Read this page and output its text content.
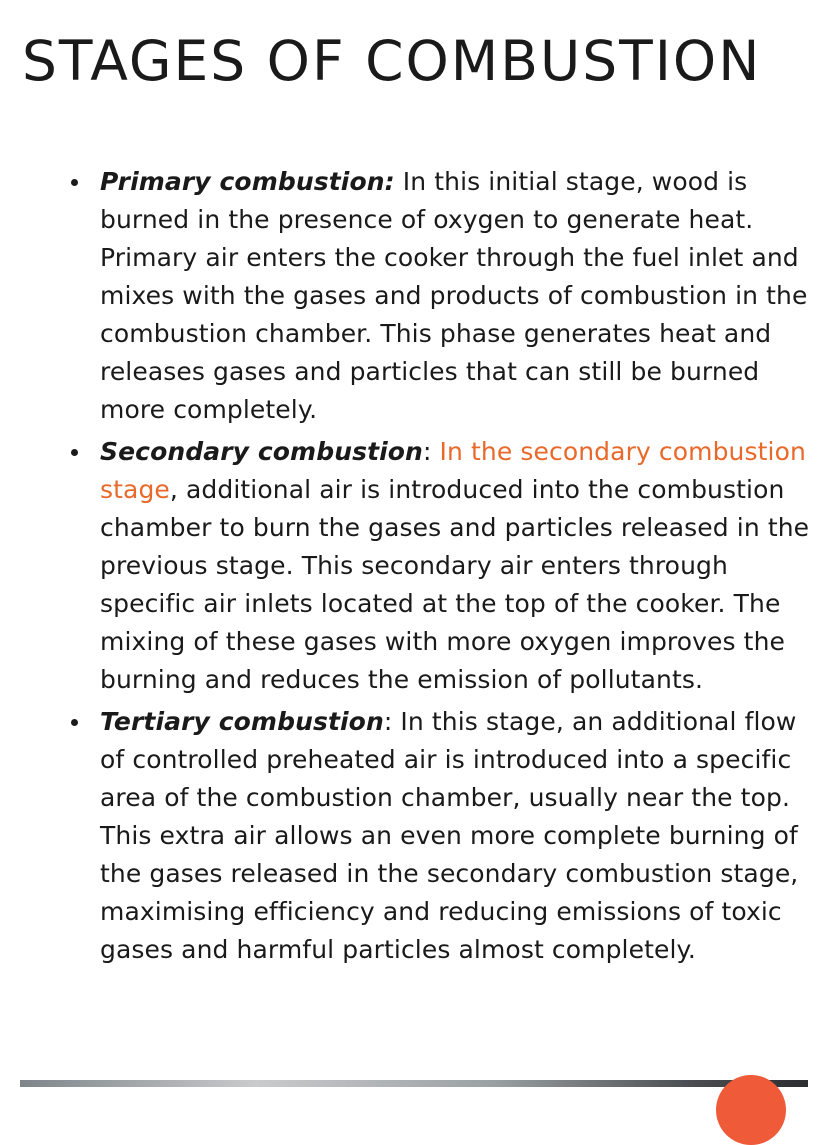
STAGES OF COMBUSTION
Primary combustion: In this initial stage, wood is burned in the presence of oxygen to generate heat. Primary air enters the cooker through the fuel inlet and mixes with the gases and products of combustion in the combustion chamber. This phase generates heat and releases gases and particles that can still be burned more completely.
Secondary combustion: In the secondary combustion stage, additional air is introduced into the combustion chamber to burn the gases and particles released in the previous stage. This secondary air enters through specific air inlets located at the top of the cooker. The mixing of these gases with more oxygen improves the burning and reduces the emission of pollutants.
Tertiary combustion: In this stage, an additional flow of controlled preheated air is introduced into a specific area of the combustion chamber, usually near the top. This extra air allows an even more complete burning of the gases released in the secondary combustion stage, maximising efficiency and reducing emissions of toxic gases and harmful particles almost completely.
